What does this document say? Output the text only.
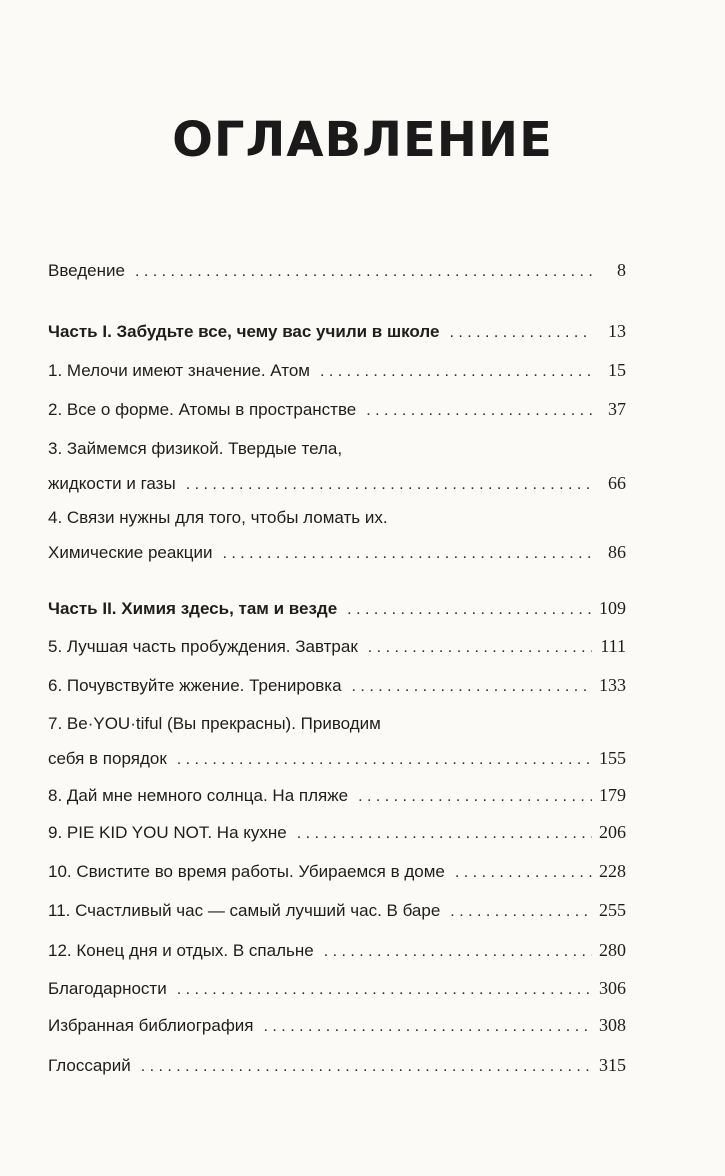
ОГЛАВЛЕНИЕ
Введение . . .	8
Часть I. Забудьте все, чему вас учили в школе . . .	13
1. Мелочи имеют значение. Атом . . .	15
2. Все о форме. Атомы в пространстве . . .	37
3. Займемся физикой. Твердые тела,
жидкости и газы . . .	66
4. Связи нужны для того, чтобы ломать их.
Химические реакции . . .	86
Часть II. Химия здесь, там и везде . . .	109
5. Лучшая часть пробуждения. Завтрак . . .	111
6. Почувствуйте жжение. Тренировка . . .	133
7. Be·YOU·tiful (Вы прекрасны). Приводим
себя в порядок . . .	155
8. Дай мне немного солнца. На пляже . . .	179
9. PIE KID YOU NOT. На кухне . . .	206
10. Свистите во время работы. Убираемся в доме . . .	228
11. Счастливый час — самый лучший час. В баре . . .	255
12. Конец дня и отдых. В спальне . . .	280
Благодарности . . .	306
Избранная библиография . . .	308
Глоссарий . . .	315
